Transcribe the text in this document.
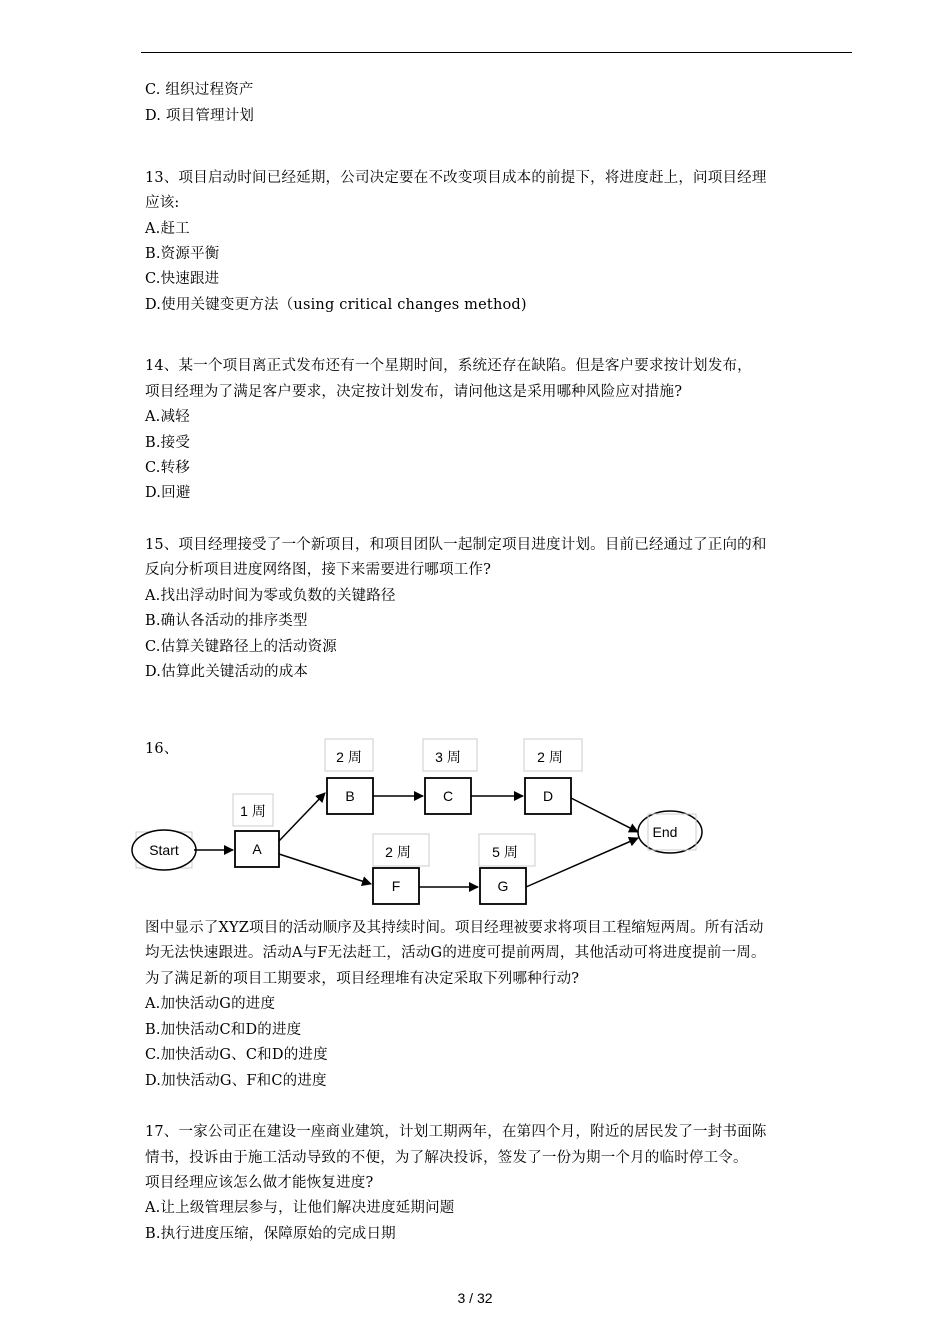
C. 组织过程资产
D. 项目管理计划
13、项目启动时间已经延期，公司决定要在不改变项目成本的前提下，将进度赶上，问项目经理
应该:
A.赶工
B.资源平衡
C.快速跟进
D.使用关键变更方法（using critical changes method)
14、某一个项目离正式发布还有一个星期时间，系统还存在缺陷。但是客户要求按计划发布，
项目经理为了满足客户要求，决定按计划发布，请问他这是采用哪种风险应对措施?
A.减轻
B.接受
C.转移
D.回避
15、项目经理接受了一个新项目，和项目团队一起制定项目进度计划。目前已经通过了正向的和
反向分析项目进度网络图，接下来需要进行哪项工作?
A.找出浮动时间为零或负数的关键路径
B.确认各活动的排序类型
C.估算关键路径上的活动资源
D.估算此关键活动的成本
16、
Start
1 周
A
2 周
B
3 周
C
2 周
D
2 周
F
5 周
G
End
图中显示了XYZ项目的活动顺序及其持续时间。项目经理被要求将项目工程缩短两周。所有活动
均无法快速跟进。活动A与F无法赶工，活动G的进度可提前两周，其他活动可将进度提前一周。
为了满足新的项目工期要求，项目经理堆有决定采取下列哪种行动?
A.加快活动G的进度
B.加快活动C和D的进度
C.加快活动G、C和D的进度
D.加快活动G、F和C的进度
17、一家公司正在建设一座商业建筑，计划工期两年，在第四个月，附近的居民发了一封书面陈
情书，投诉由于施工活动导致的不便，为了解决投诉，签发了一份为期一个月的临时停工令。
项目经理应该怎么做才能恢复进度?
A.让上级管理层参与，让他们解决进度延期问题
B.执行进度压缩，保障原始的完成日期
3 / 32
